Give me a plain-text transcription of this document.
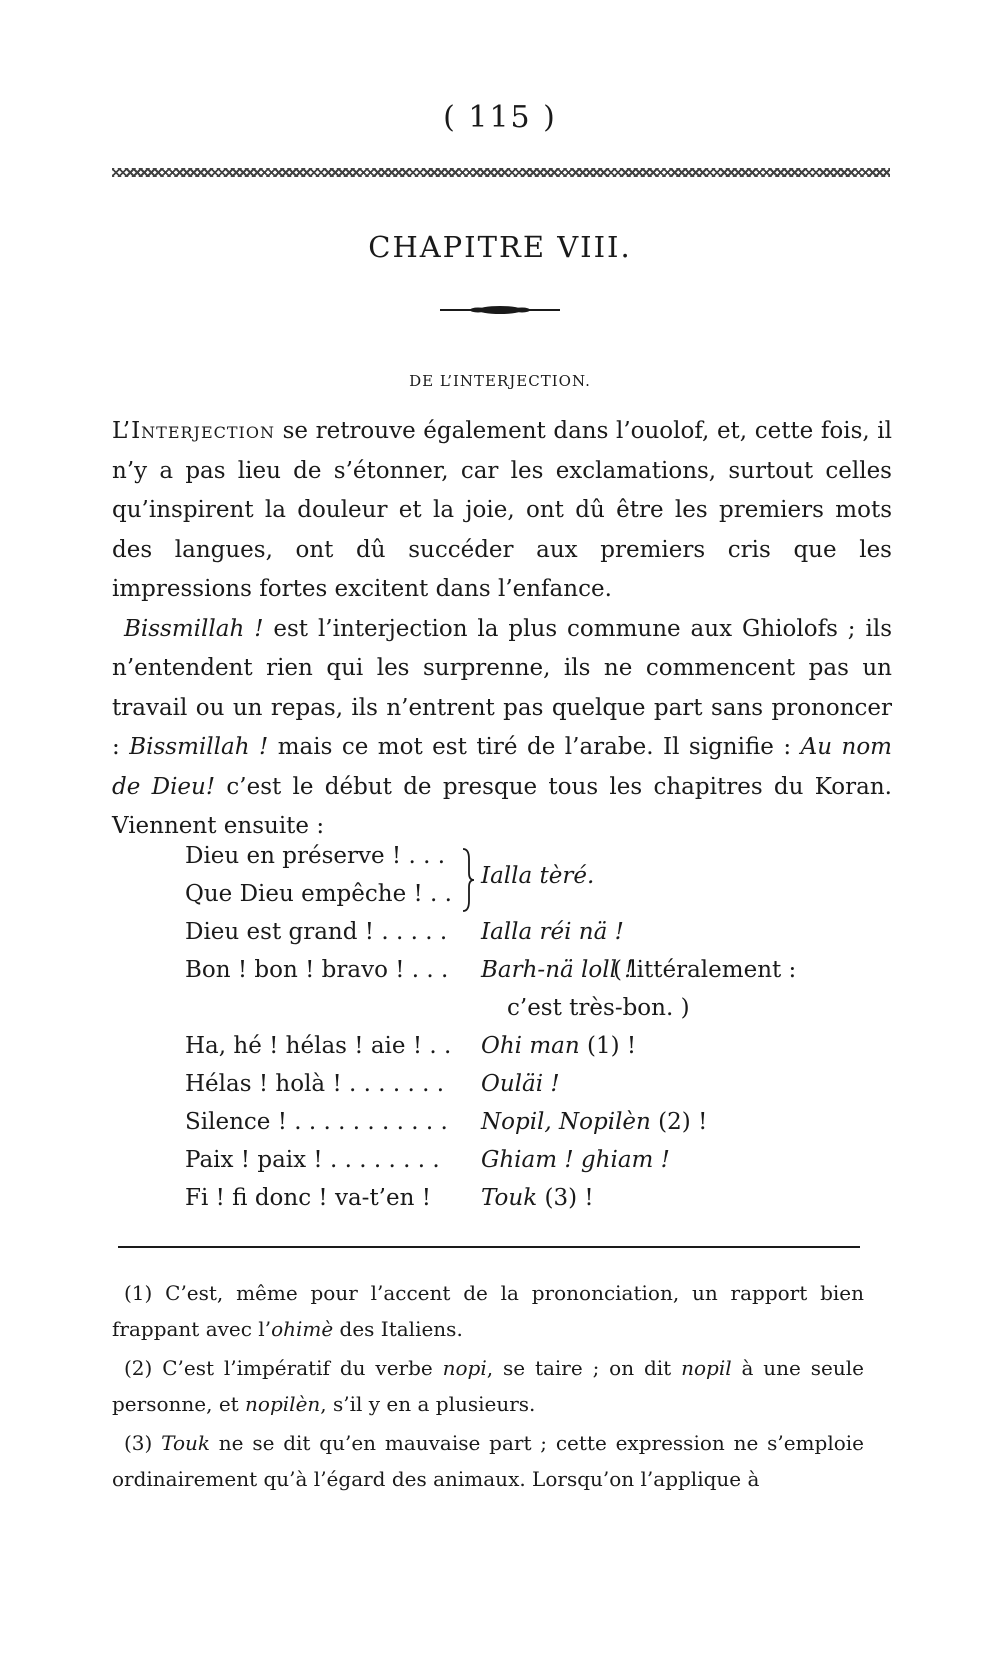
( 115 )
CHAPITRE VIII.
DE L’INTERJECTION.

L’Interjection se retrouve également dans l’ouolof, et, cette fois, il n’y a pas lieu de s’étonner, car les exclamations, surtout celles qu’inspirent la douleur et la joie, ont dû être les premiers mots des langues, ont dû succéder aux premiers cris que les impressions fortes excitent dans l’enfance.

Bissmillah ! est l’interjection la plus commune aux Ghiolofs ; ils n’entendent rien qui les surprenne, ils ne commencent pas un travail ou un repas, ils n’entrent pas quelque part sans prononcer : Bissmillah ! mais ce mot est tiré de l’arabe. Il signifie : Au nom de Dieu! c’est le début de presque tous les chapitres du Koran. Viennent ensuite :

Dieu en préserve ! . . .
Que Dieu empêche ! . .
Ialla tèré.
Dieu est grand ! . . . . . Ialla réi nä !
Bon ! bon ! bravo ! . . . Barh-nä loll !
( littéralement :
c’est très-bon. )
Ha, hé ! hélas ! aie ! . . Ohi man (1) !
Hélas ! holà ! . . . . . . . Ouläi !
Silence ! . . . . . . . . . . . Nopil, Nopilèn (2) !
Paix ! paix ! . . . . . . . . Ghiam ! ghiam !
Fi ! fi donc ! va-t’en ! Touk (3) !

(1) C’est, même pour l’accent de la prononciation, un rapport bien frappant avec l’ohimè des Italiens.

(2) C’est l’impératif du verbe nopi, se taire ; on dit nopil à une seule personne, et nopilèn, s’il y en a plusieurs.

(3) Touk ne se dit qu’en mauvaise part ; cette expression ne s’emploie ordinairement qu’à l’égard des animaux. Lorsqu’on l’applique à
